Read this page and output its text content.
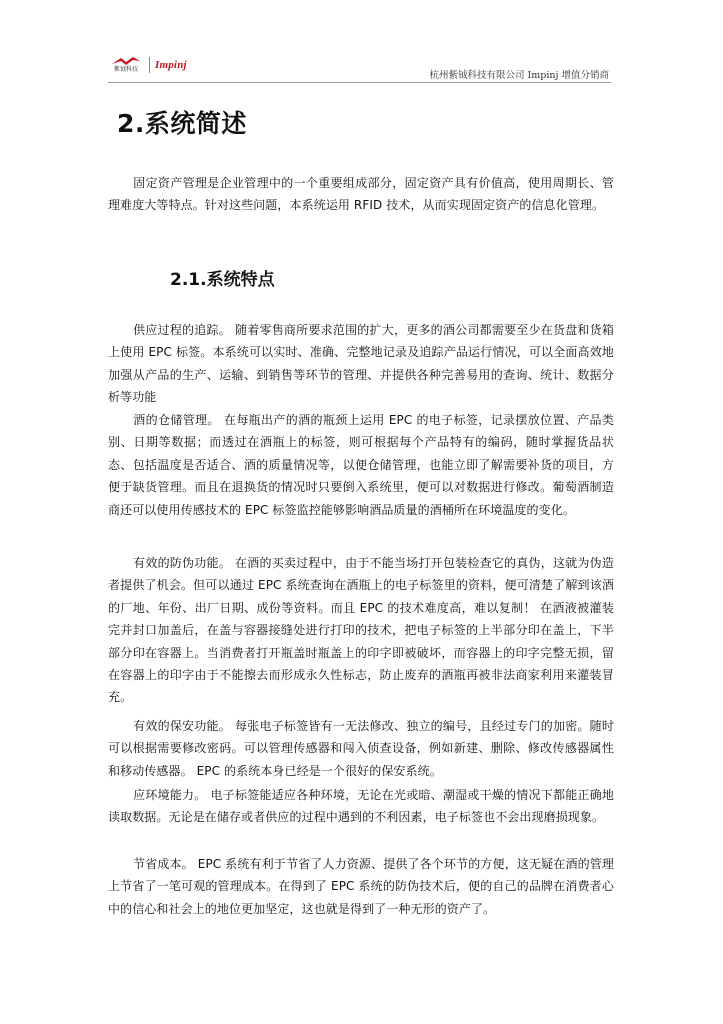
紫钺科技 Impinj
杭州紫钺科技有限公司 Impinj 增值分销商
2.系统简述

固定资产管理是企业管理中的一个重要组成部分，固定资产具有价值高，使用周期长、管理难度大等特点。针对这些问题，本系统运用 RFID 技术，从而实现固定资产的信息化管理。

2.1.系统特点

供应过程的追踪。 随着零售商所要求范围的扩大，更多的酒公司都需要至少在货盘和货箱上使用 EPC 标签。本系统可以实时、准确、完整地记录及追踪产品运行情况，可以全面高效地加强从产品的生产、运输、到销售等环节的管理、并提供各种完善易用的查询、统计、数据分析等功能

酒的仓储管理。 在每瓶出产的酒的瓶颈上运用 EPC 的电子标签，记录摆放位置、产品类别、日期等数据；而透过在酒瓶上的标签，则可根据每个产品特有的编码，随时掌握货品状态、包括温度是否适合、酒的质量情况等，以便仓储管理，也能立即了解需要补货的项目，方便于缺货管理。而且在退换货的情况时只要倒入系统里，便可以对数据进行修改。葡萄酒制造商还可以使用传感技术的 EPC 标签监控能够影响酒品质量的酒桶所在环境温度的变化。

有效的防伪功能。 在酒的买卖过程中，由于不能当场打开包装检查它的真伪，这就为伪造者提供了机会。但可以通过 EPC 系统查询在酒瓶上的电子标签里的资料，便可清楚了解到该酒的厂地、年份、出厂日期、成份等资料。而且 EPC 的技术难度高，难以复制！ 在酒液被灌装完并封口加盖后，在盖与容器接缝处进行打印的技术，把电子标签的上半部分印在盖上，下半部分印在容器上。当消费者打开瓶盖时瓶盖上的印字即被破坏，而容器上的印字完整无损，留在容器上的印字由于不能擦去而形成永久性标志，防止废弃的酒瓶再被非法商家利用来灌装冒充。

有效的保安功能。 每张电子标签皆有一无法修改、独立的编号，且经过专门的加密。随时可以根据需要修改密码。可以管理传感器和闯入侦查设备，例如新建、删除、修改传感器属性和移动传感器。 EPC 的系统本身已经是一个很好的保安系统。

应环境能力。 电子标签能适应各种环境，无论在光或暗、潮湿或干燥的情况下都能正确地读取数据。无论是在储存或者供应的过程中遇到的不利因素，电子标签也不会出现磨损现象。

节省成本。 EPC 系统有利于节省了人力资源、提供了各个环节的方便，这无疑在酒的管理上节省了一笔可观的管理成本。在得到了 EPC 系统的防伪技术后，便的自己的品牌在消费者心中的信心和社会上的地位更加坚定，这也就是得到了一种无形的资产了。
